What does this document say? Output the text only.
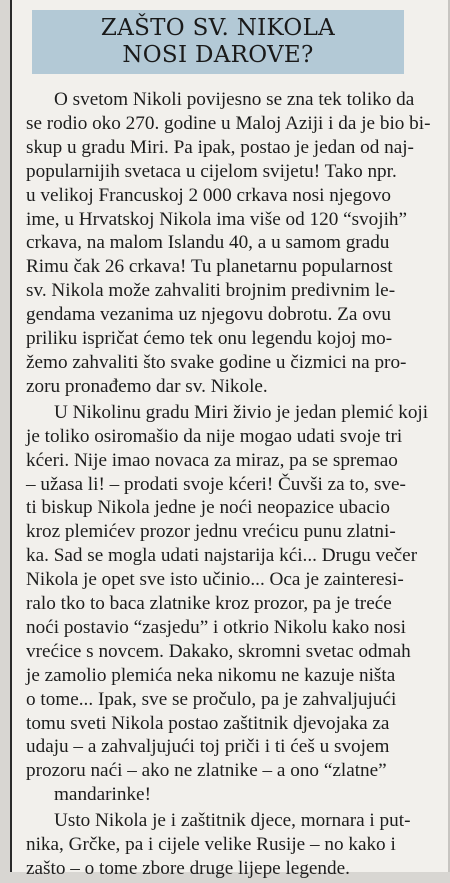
ZAŠTO SV. NIKOLA
NOSI DAROVE?
O svetom Nikoli povijesno se zna tek toliko da
se rodio oko 270. godine u Maloj Aziji i da je bio bi-
skup u gradu Miri. Pa ipak, postao je jedan od naj-
popularnijih svetaca u cijelom svijetu! Tako npr.
u velikoj Francuskoj 2 000 crkava nosi njegovo
ime, u Hrvatskoj Nikola ima više od 120 “svojih”
crkava, na malom Islandu 40, a u samom gradu
Rimu čak 26 crkava! Tu planetarnu popularnost
sv. Nikola može zahvaliti brojnim predivnim le-
gendama vezanima uz njegovu dobrotu. Za ovu
priliku ispričat ćemo tek onu legendu kojoj mo-
žemo zahvaliti što svake godine u čizmici na pro-
zoru pronađemo dar sv. Nikole.
U Nikolinu gradu Miri živio je jedan plemić koji
je toliko osiromašio da nije mogao udati svoje tri
kćeri. Nije imao novaca za miraz, pa se spremao
– užasa li! – prodati svoje kćeri! Čuvši za to, sve-
ti biskup Nikola jedne je noći neopazice ubacio
kroz plemićev prozor jednu vrećicu punu zlatni-
ka. Sad se mogla udati najstarija kći... Drugu večer
Nikola je opet sve isto učinio... Oca je zainteresi-
ralo tko to baca zlatnike kroz prozor, pa je treće
noći postavio “zasjedu” i otkrio Nikolu kako nosi
vrećice s novcem. Dakako, skromni svetac odmah
je zamolio plemića neka nikomu ne kazuje ništa
o tome... Ipak, sve se pročulo, pa je zahvaljujući
tomu sveti Nikola postao zaštitnik djevojaka za
udaju – a zahvaljujući toj priči i ti ćeš u svojem
prozoru naći – ako ne zlatnike – a ono “zlatne”
mandarinke!
Usto Nikola je i zaštitnik djece, mornara i put-
nika, Grčke, pa i cijele velike Rusije – no kako i
zašto – o tome zbore druge lijepe legende.
